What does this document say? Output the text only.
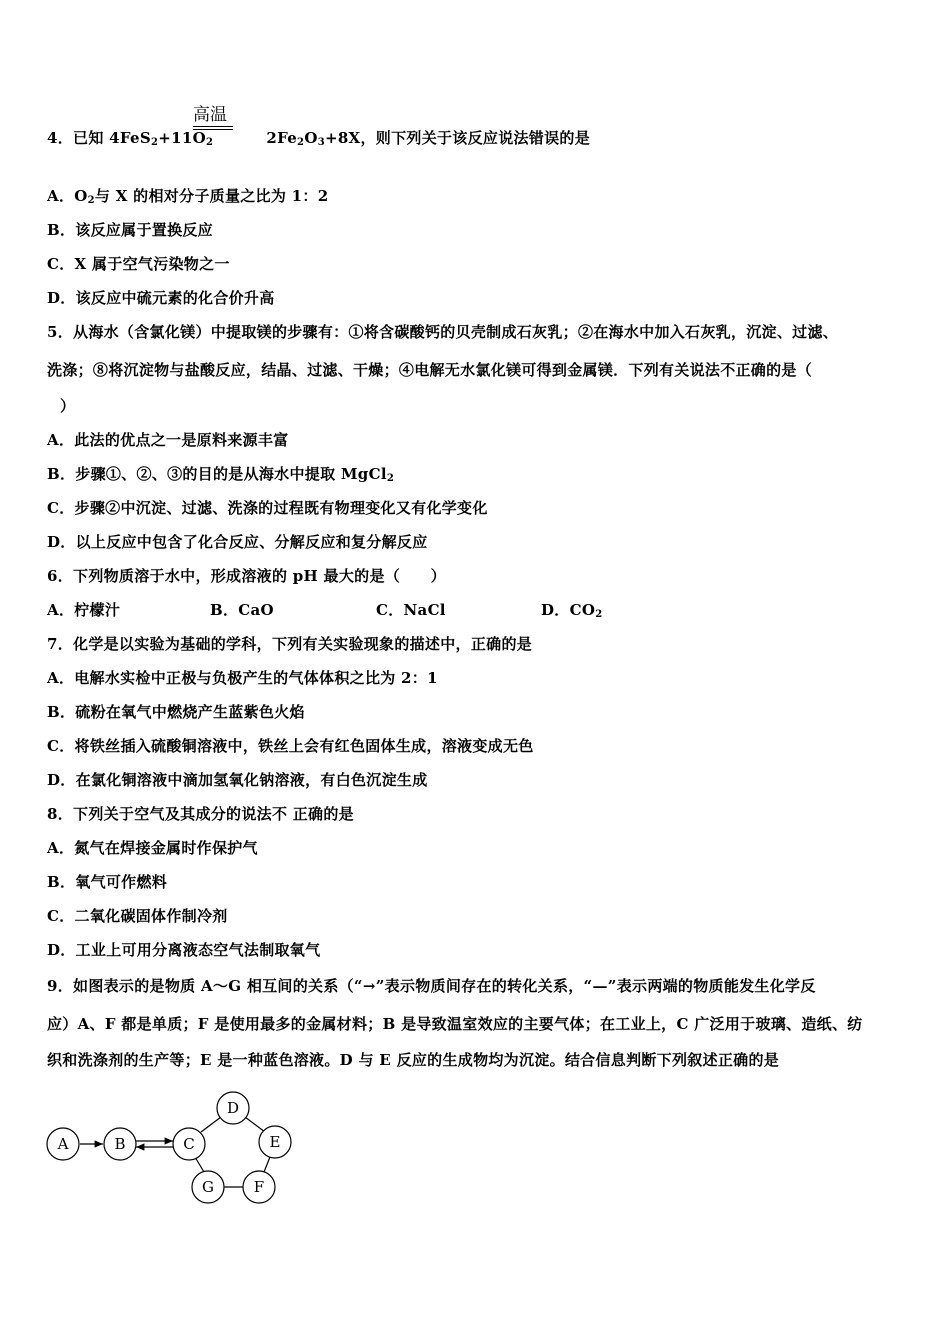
高温
4．已知 $4FeS_2+11O_2$	$2Fe_2O_3+8X$，则下列关于该反应说法错误的是
A．$O_2$与 X 的相对分子质量之比为 1：2
B．该反应属于置换反应
C．X 属于空气污染物之一
D．该反应中硫元素的化合价升高
5．从海水（含氯化镁）中提取镁的步骤有：①将含碳酸钙的贝壳制成石灰乳；②在海水中加入石灰乳，沉淀、过滤、
洗涤；⑧将沉淀物与盐酸反应，结晶、过滤、干燥；④电解无水氯化镁可得到金属镁．下列有关说法不正确的是（
）
A．此法的优点之一是原料来源丰富
B．步骤①、②、③的目的是从海水中提取 MgCl$_2$
C．步骤②中沉淀、过滤、洗涤的过程既有物理变化又有化学变化
D．以上反应中包含了化合反应、分解反应和复分解反应
6．下列物质溶于水中，形成溶液的 pH 最大的是（　　）
A．柠檬汁	B．CaO	C．NaCl	D．$CO_2$
7．化学是以实验为基础的学科，下列有关实验现象的描述中，正确的是
A．电解水实检中正极与负极产生的气体体积之比为 2：1
B．硫粉在氧气中燃烧产生蓝紫色火焰
C．将铁丝插入硫酸铜溶液中，铁丝上会有红色固体生成，溶液变成无色
D．在氯化铜溶液中滴加氢氧化钠溶液，有白色沉淀生成
8．下列关于空气及其成分的说法不 正确的是
A．氮气在焊接金属时作保护气
B．氧气可作燃料
C．二氧化碳固体作制冷剂
D．工业上可用分离液态空气法制取氧气
9．如图表示的是物质 A～G 相互间的关系（“→”表示物质间存在的转化关系，“—”表示两端的物质能发生化学反
应）A、F 都是单质；F 是使用最多的金属材料；B 是导致温室效应的主要气体；在工业上，C 广泛用于玻璃、造纸、纺
织和洗涤剂的生产等；E 是一种蓝色溶液。D 与 E 反应的生成物均为沉淀。结合信息判断下列叙述正确的是
A	B	C
D
E
F
G
